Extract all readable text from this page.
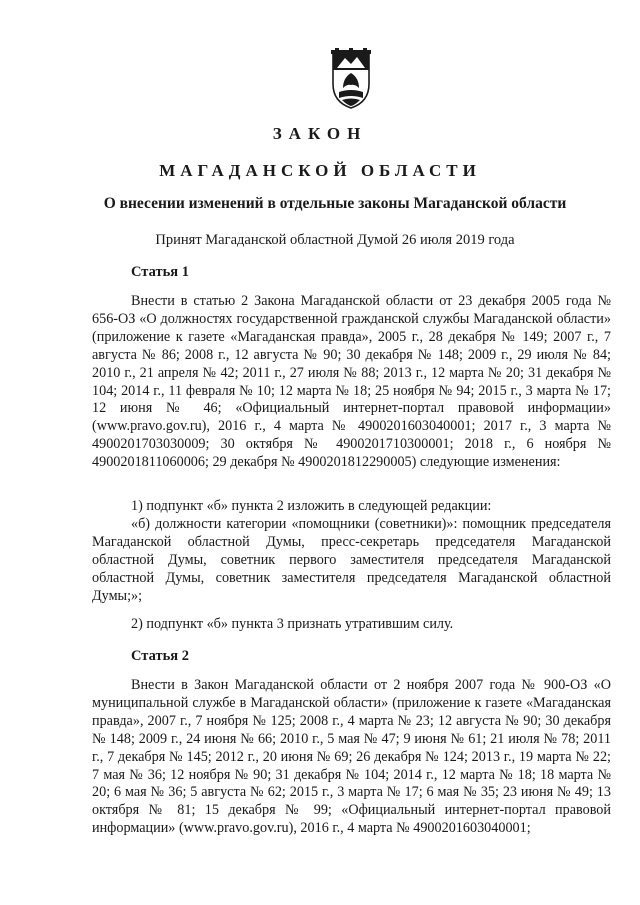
ЗАКОН
МАГАДАНСКОЙ ОБЛАСТИ
О внесении изменений в отдельные законы Магаданской области
Принят Магаданской областной Думой 26 июля 2019 года
Статья 1

Внести в статью 2 Закона Магаданской области от 23 декабря 2005 года № 656-ОЗ «О должностях государственной гражданской службы Магаданской области» (приложение к газете «Магаданская правда», 2005 г., 28 декабря № 149; 2007 г., 7 августа № 86; 2008 г., 12 августа № 90; 30 декабря № 148; 2009 г., 29 июля № 84; 2010 г., 21 апреля № 42; 2011 г., 27 июля № 88; 2013 г., 12 марта № 20; 31 декабря № 104; 2014 г., 11 февраля № 10; 12 марта № 18; 25 ноября № 94; 2015 г., 3 марта № 17; 12 июня № 46; «Официальный интернет-портал правовой информации» (www.pravo.gov.ru), 2016 г., 4 марта № 4900201603040001; 2017 г., 3 марта № 4900201703030009; 30 октября № 4900201710300001; 2018 г., 6 ноября № 4900201811060006; 29 декабря № 4900201812290005) следующие изменения:

1) подпункт «б» пункта 2 изложить в следующей редакции:

«б) должности категории «помощники (советники)»: помощник председателя Магаданской областной Думы, пресс-секретарь председателя Магаданской областной Думы, советник первого заместителя председателя Магаданской областной Думы, советник заместителя председателя Магаданской областной Думы;»;

2) подпункт «б» пункта 3 признать утратившим силу.

Статья 2

Внести в Закон Магаданской области от 2 ноября 2007 года № 900-ОЗ «О муниципальной службе в Магаданской области» (приложение к газете «Магаданская правда», 2007 г., 7 ноября № 125; 2008 г., 4 марта № 23; 12 августа № 90; 30 декабря № 148; 2009 г., 24 июня № 66; 2010 г., 5 мая № 47; 9 июня № 61; 21 июля № 78; 2011 г., 7 декабря № 145; 2012 г., 20 июня № 69; 26 декабря № 124; 2013 г., 19 марта № 22; 7 мая № 36; 12 ноября № 90; 31 декабря № 104; 2014 г., 12 марта № 18; 18 марта № 20; 6 мая № 36; 5 августа № 62; 2015 г., 3 марта № 17; 6 мая № 35; 23 июня № 49; 13 октября № 81; 15 декабря № 99; «Официальный интернет-портал правовой информации» (www.pravo.gov.ru), 2016 г., 4 марта № 4900201603040001;
